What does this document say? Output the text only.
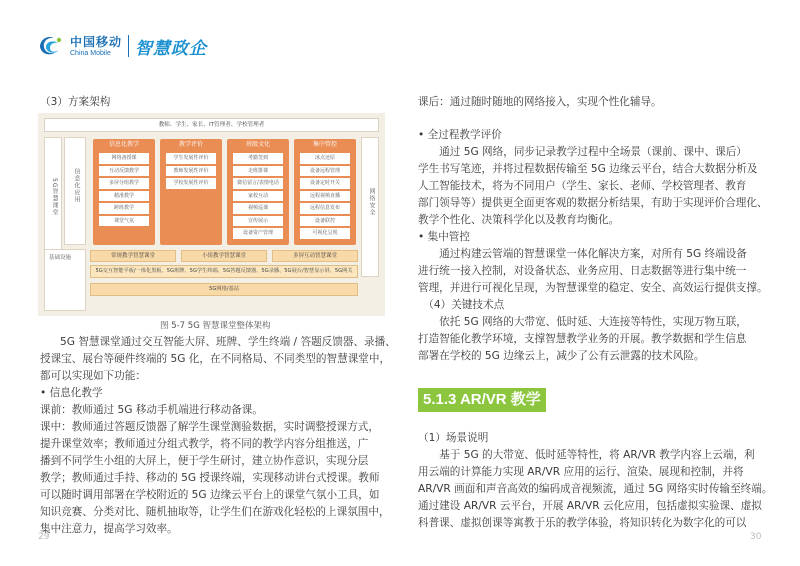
中国移动
China Mobile	智慧政企
（3）方案架构
教师、学生、家长、IT管理者、学校管理者
5G智慧课堂	信息化应用	网络安全
信息化教学
网络备授课
互动反馈教学
多屏分组教学
精准教学
跨班教学
课堂气氛
教学评价
学生发展性评价
教师发展性评价
学校发展性评价
班级文化
考勤签到
走班排课
微信留言/表情电话
家校互动
视频巡课
宣传展示
设备资产管理
集中管控
冰点还原
设备远程管理
设备定时开关
远程视频直播
远程信息发布
设备联控
可视化呈现
基础设施	常规教学智慧课堂	小组教学智慧课堂	多屏互动智慧课堂
5G交互智能平板/一体化黑板、5G班牌、5G学生终端、5G答题反馈器、5G录播、5G展台/智慧显示屏、5G网关
5G网络/基站
图 5-7 5G 智慧课堂整体架构
5G 智慧课堂通过交互智能大屏、班牌、学生终端 / 答题反馈器、录播、
授课宝、展台等硬件终端的 5G 化，在不同格局、不同类型的智慧课堂中，
都可以实现如下功能：
• 信息化教学
课前：教师通过 5G 移动手机端进行移动备课。
课中：教师通过答题反馈器了解学生课堂测验数据，实时调整授课方式，
提升课堂效率；教师通过分组式教学，将不同的教学内容分组推送，广
播到不同学生小组的大屏上，便于学生研讨，建立协作意识，实现分层
教学；教师通过手持、移动的 5G 授课终端，实现移动讲台式授课。教师
可以随时调用部署在学校附近的 5G 边缘云平台上的课堂气氛小工具，如
知识竞赛、分类对比、随机抽取等，让学生们在游戏化轻松的上课氛围中，
集中注意力，提高学习效率。
29
课后：通过随时随地的网络接入，实现个性化辅导。
• 全过程教学评价
　　通过 5G 网络，同步记录教学过程中全场景（课前、课中、课后）
学生书写笔迹，并将过程数据传输至 5G 边缘云平台，结合大数据分析及
人工智能技术，将为不同用户（学生、家长、老师、学校管理者、教育
部门领导等）提供更全面更客观的数据分析结果，有助于实现评价合理化、
教学个性化、决策科学化以及教育均衡化。
• 集中管控
　　通过构建云管端的智慧课堂一体化解决方案，对所有 5G 终端设备
进行统一接入控制，对设备状态、业务应用、日志数据等进行集中统一
管理，并进行可视化呈现，为智慧课堂的稳定、安全、高效运行提供支撑。
　（4）关键技术点
　　依托 5G 网络的大带宽、低时延、大连接等特性，实现万物互联，
打造智能化教学环境，支撑智慧教学业务的开展。教学数据和学生信息
部署在学校的 5G 边缘云上，减少了公有云泄露的技术风险。
5.1.3 AR/VR 教学
（1）场景说明
　　基于 5G 的大带宽、低时延等特性，将 AR/VR 教学内容上云端，利
用云端的计算能力实现 AR/VR 应用的运行、渲染、展现和控制，并将
AR/VR 画面和声音高效的编码成音视频流，通过 5G 网络实时传输至终端。
通过建设 AR/VR 云平台，开展 AR/VR 云化应用，包括虚拟实验课、虚拟
科普课、虚拟创课等寓教于乐的教学体验，将知识转化为数字化的可以
30
